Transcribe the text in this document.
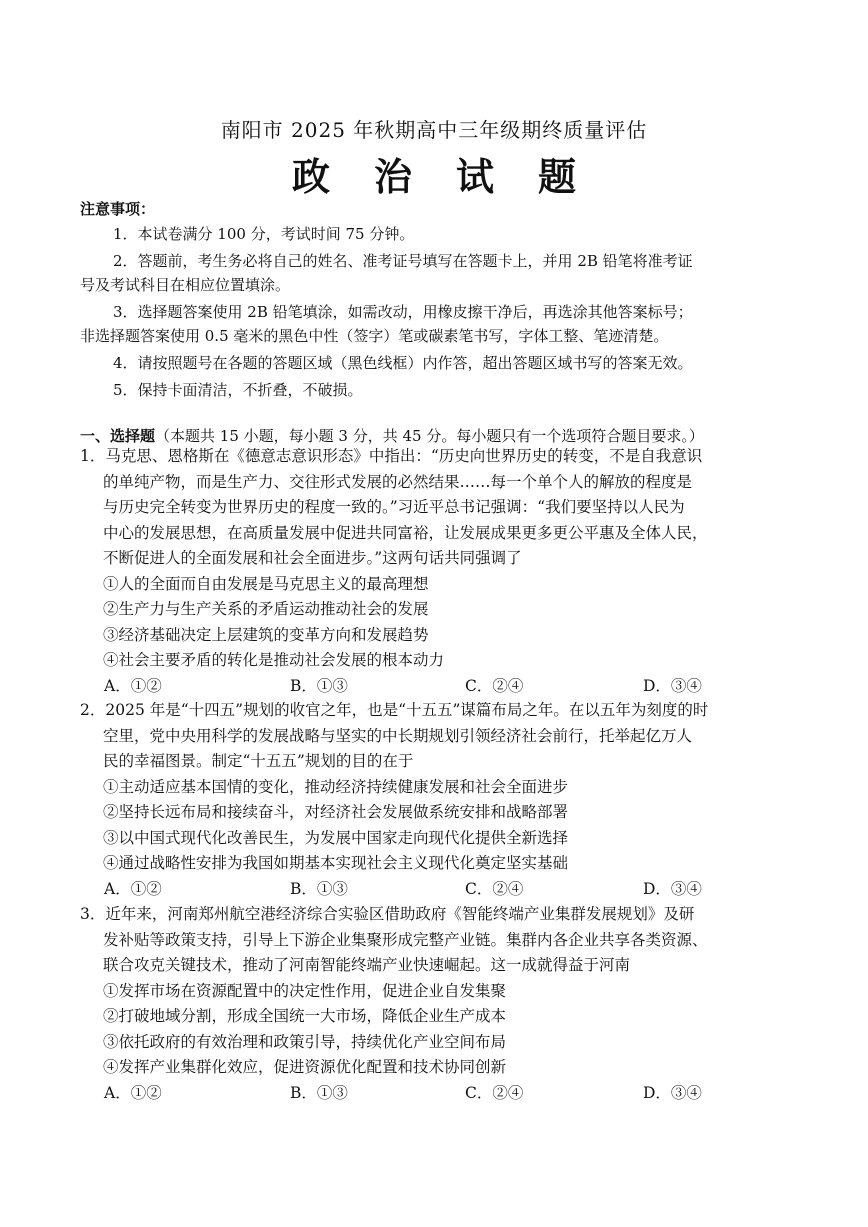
南阳市 2025 年秋期高中三年级期终质量评估
政 治 试 题
注意事项：
1．本试卷满分 100 分，考试时间 75 分钟。
2．答题前，考生务必将自己的姓名、准考证号填写在答题卡上，并用 2B 铅笔将准考证
号及考试科目在相应位置填涂。
3．选择题答案使用 2B 铅笔填涂，如需改动，用橡皮擦干净后，再选涂其他答案标号；
非选择题答案使用 0.5 毫米的黑色中性（签字）笔或碳素笔书写，字体工整、笔迹清楚。
4．请按照题号在各题的答题区域（黑色线框）内作答，超出答题区域书写的答案无效。
5．保持卡面清洁，不折叠，不破损。
一、选择题（本题共 15 小题，每小题 3 分，共 45 分。每小题只有一个选项符合题目要求。）
1．马克思、恩格斯在《德意志意识形态》中指出：“历史向世界历史的转变，不是自我意识
的单纯产物，而是生产力、交往形式发展的必然结果……每一个单个人的解放的程度是
与历史完全转变为世界历史的程度一致的。”习近平总书记强调：“我们要坚持以人民为
中心的发展思想，在高质量发展中促进共同富裕，让发展成果更多更公平惠及全体人民，
不断促进人的全面发展和社会全面进步。”这两句话共同强调了
①人的全面而自由发展是马克思主义的最高理想
②生产力与生产关系的矛盾运动推动社会的发展
③经济基础决定上层建筑的变革方向和发展趋势
④社会主要矛盾的转化是推动社会发展的根本动力
A．①②	B．①③	C．②④	D．③④
2．2025 年是“十四五”规划的收官之年，也是“十五五”谋篇布局之年。在以五年为刻度的时
空里，党中央用科学的发展战略与坚实的中长期规划引领经济社会前行，托举起亿万人
民的幸福图景。制定“十五五”规划的目的在于
①主动适应基本国情的变化，推动经济持续健康发展和社会全面进步
②坚持长远布局和接续奋斗，对经济社会发展做系统安排和战略部署
③以中国式现代化改善民生，为发展中国家走向现代化提供全新选择
④通过战略性安排为我国如期基本实现社会主义现代化奠定坚实基础
A．①②	B．①③	C．②④	D．③④
3．近年来，河南郑州航空港经济综合实验区借助政府《智能终端产业集群发展规划》及研
发补贴等政策支持，引导上下游企业集聚形成完整产业链。集群内各企业共享各类资源、
联合攻克关键技术，推动了河南智能终端产业快速崛起。这一成就得益于河南
①发挥市场在资源配置中的决定性作用，促进企业自发集聚
②打破地域分割，形成全国统一大市场，降低企业生产成本
③依托政府的有效治理和政策引导，持续优化产业空间布局
④发挥产业集群化效应，促进资源优化配置和技术协同创新
A．①②	B．①③	C．②④	D．③④
